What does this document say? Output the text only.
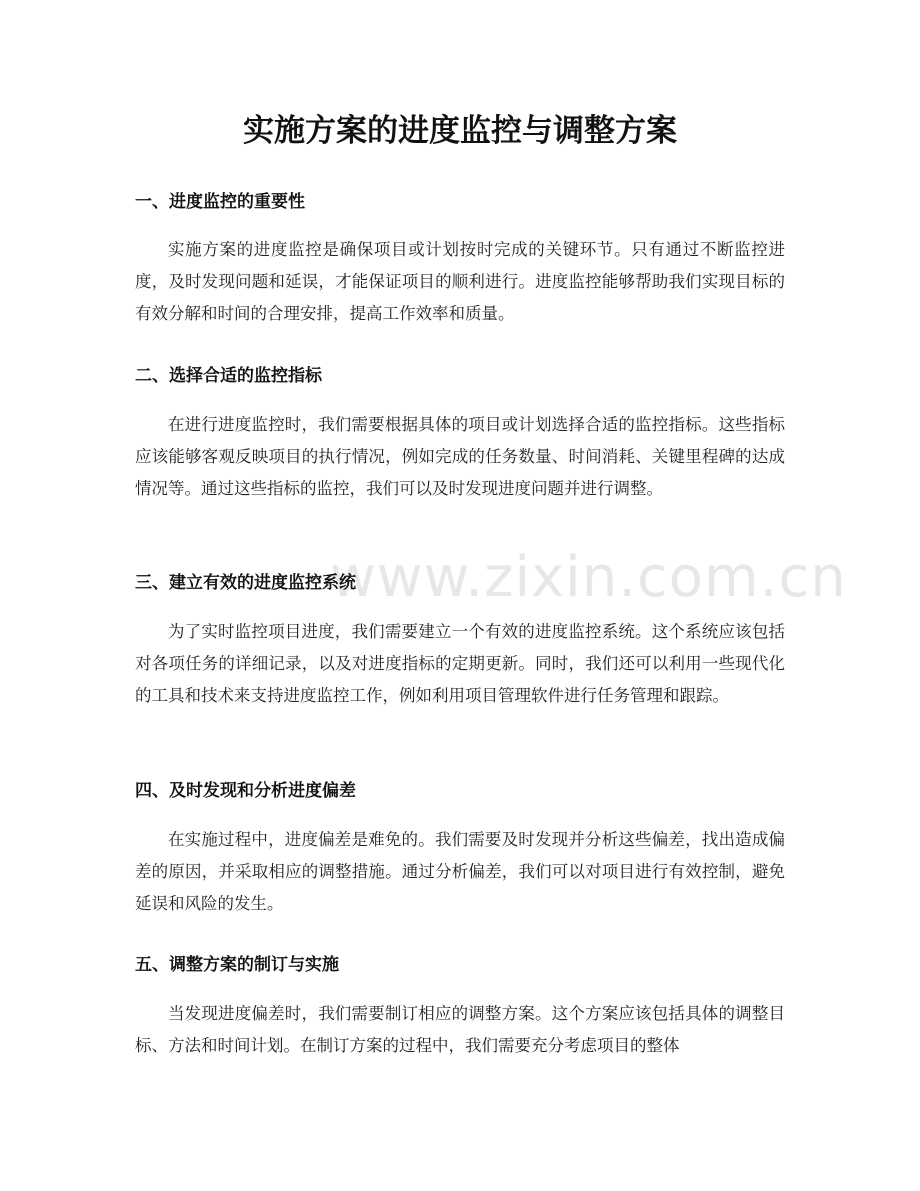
实施方案的进度监控与调整方案
一、进度监控的重要性

实施方案的进度监控是确保项目或计划按时完成的关键环节。只有通过不断监控进度，及时发现问题和延误，才能保证项目的顺利进行。进度监控能够帮助我们实现目标的有效分解和时间的合理安排，提高工作效率和质量。

二、选择合适的监控指标

在进行进度监控时，我们需要根据具体的项目或计划选择合适的监控指标。这些指标应该能够客观反映项目的执行情况，例如完成的任务数量、时间消耗、关键里程碑的达成情况等。通过这些指标的监控，我们可以及时发现进度问题并进行调整。

www.zixin.com.cn
三、建立有效的进度监控系统

为了实时监控项目进度，我们需要建立一个有效的进度监控系统。这个系统应该包括对各项任务的详细记录，以及对进度指标的定期更新。同时，我们还可以利用一些现代化的工具和技术来支持进度监控工作，例如利用项目管理软件进行任务管理和跟踪。

四、及时发现和分析进度偏差

在实施过程中，进度偏差是难免的。我们需要及时发现并分析这些偏差，找出造成偏差的原因，并采取相应的调整措施。通过分析偏差，我们可以对项目进行有效控制，避免延误和风险的发生。

五、调整方案的制订与实施

当发现进度偏差时，我们需要制订相应的调整方案。这个方案应该包括具体的调整目标、方法和时间计划。在制订方案的过程中，我们需要充分考虑项目的整体
